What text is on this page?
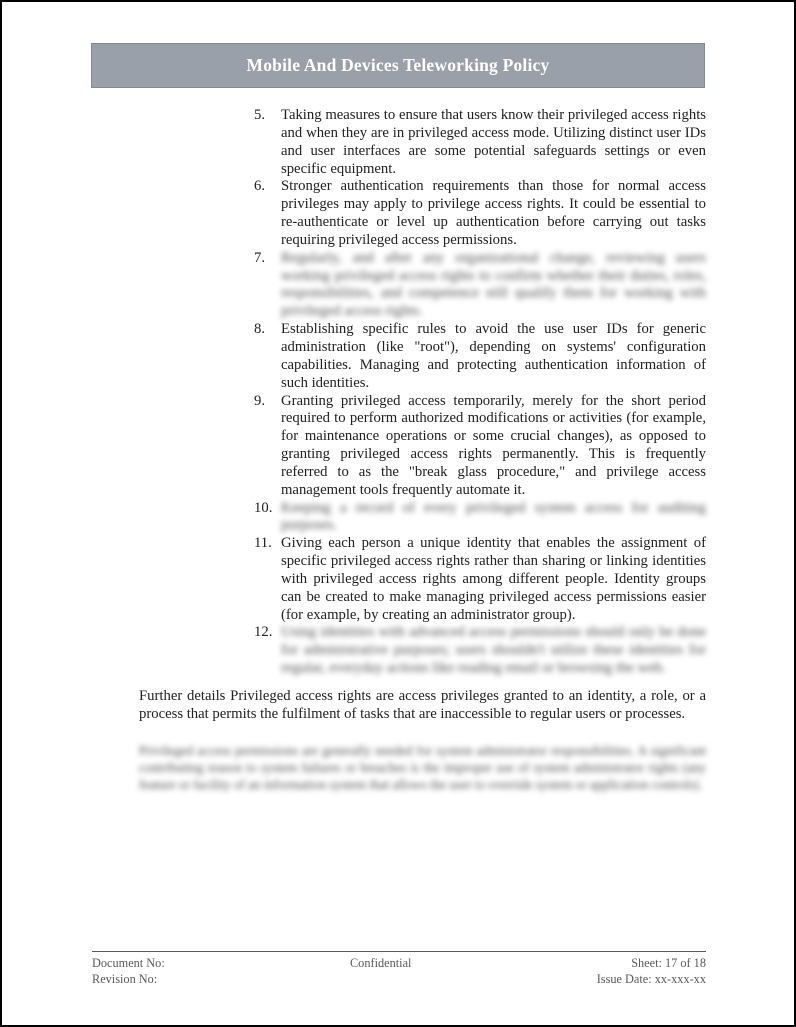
Mobile And Devices Teleworking Policy
5.	Taking measures to ensure that users know their privileged access rights and when they are in privileged access mode. Utilizing distinct user IDs and user interfaces are some potential safeguards settings or even specific equipment.
6.	Stronger authentication requirements than those for normal access privileges may apply to privilege access rights. It could be essential to re-authenticate or level up authentication before carrying out tasks requiring privileged access permissions.
7.	Regularly, and after any organizational change, reviewing users working privileged access rights to confirm whether their duties, roles, responsibilities, and competence still qualify them for working with privileged access rights.
8.	Establishing specific rules to avoid the use user IDs for generic administration (like "root"), depending on systems' configuration capabilities. Managing and protecting authentication information of such identities.
9.	Granting privileged access temporarily, merely for the short period required to perform authorized modifications or activities (for example, for maintenance operations or some crucial changes), as opposed to granting privileged access rights permanently. This is frequently referred to as the "break glass procedure," and privilege access management tools frequently automate it.
10. Keeping a record of every privileged system access for auditing purposes.
11. Giving each person a unique identity that enables the assignment of specific privileged access rights rather than sharing or linking identities with privileged access rights among different people. Identity groups can be created to make managing privileged access permissions easier (for example, by creating an administrator group).
12. Using identities with advanced access permissions should only be done for administrative purposes; users shouldn't utilize these identities for regular, everyday actions like reading email or browsing the web.

Further details Privileged access rights are access privileges granted to an identity, a role, or a process that permits the fulfilment of tasks that are inaccessible to regular users or processes.

Privileged access permissions are generally needed for system administrator responsibilities. A significant contributing reason to system failures or breaches is the improper use of system administrator rights (any feature or facility of an information system that allows the user to override system or application controls).

Document No:
Revision No:
Confidential	Sheet: 17 of 18
Issue Date: xx-xxx-xx
